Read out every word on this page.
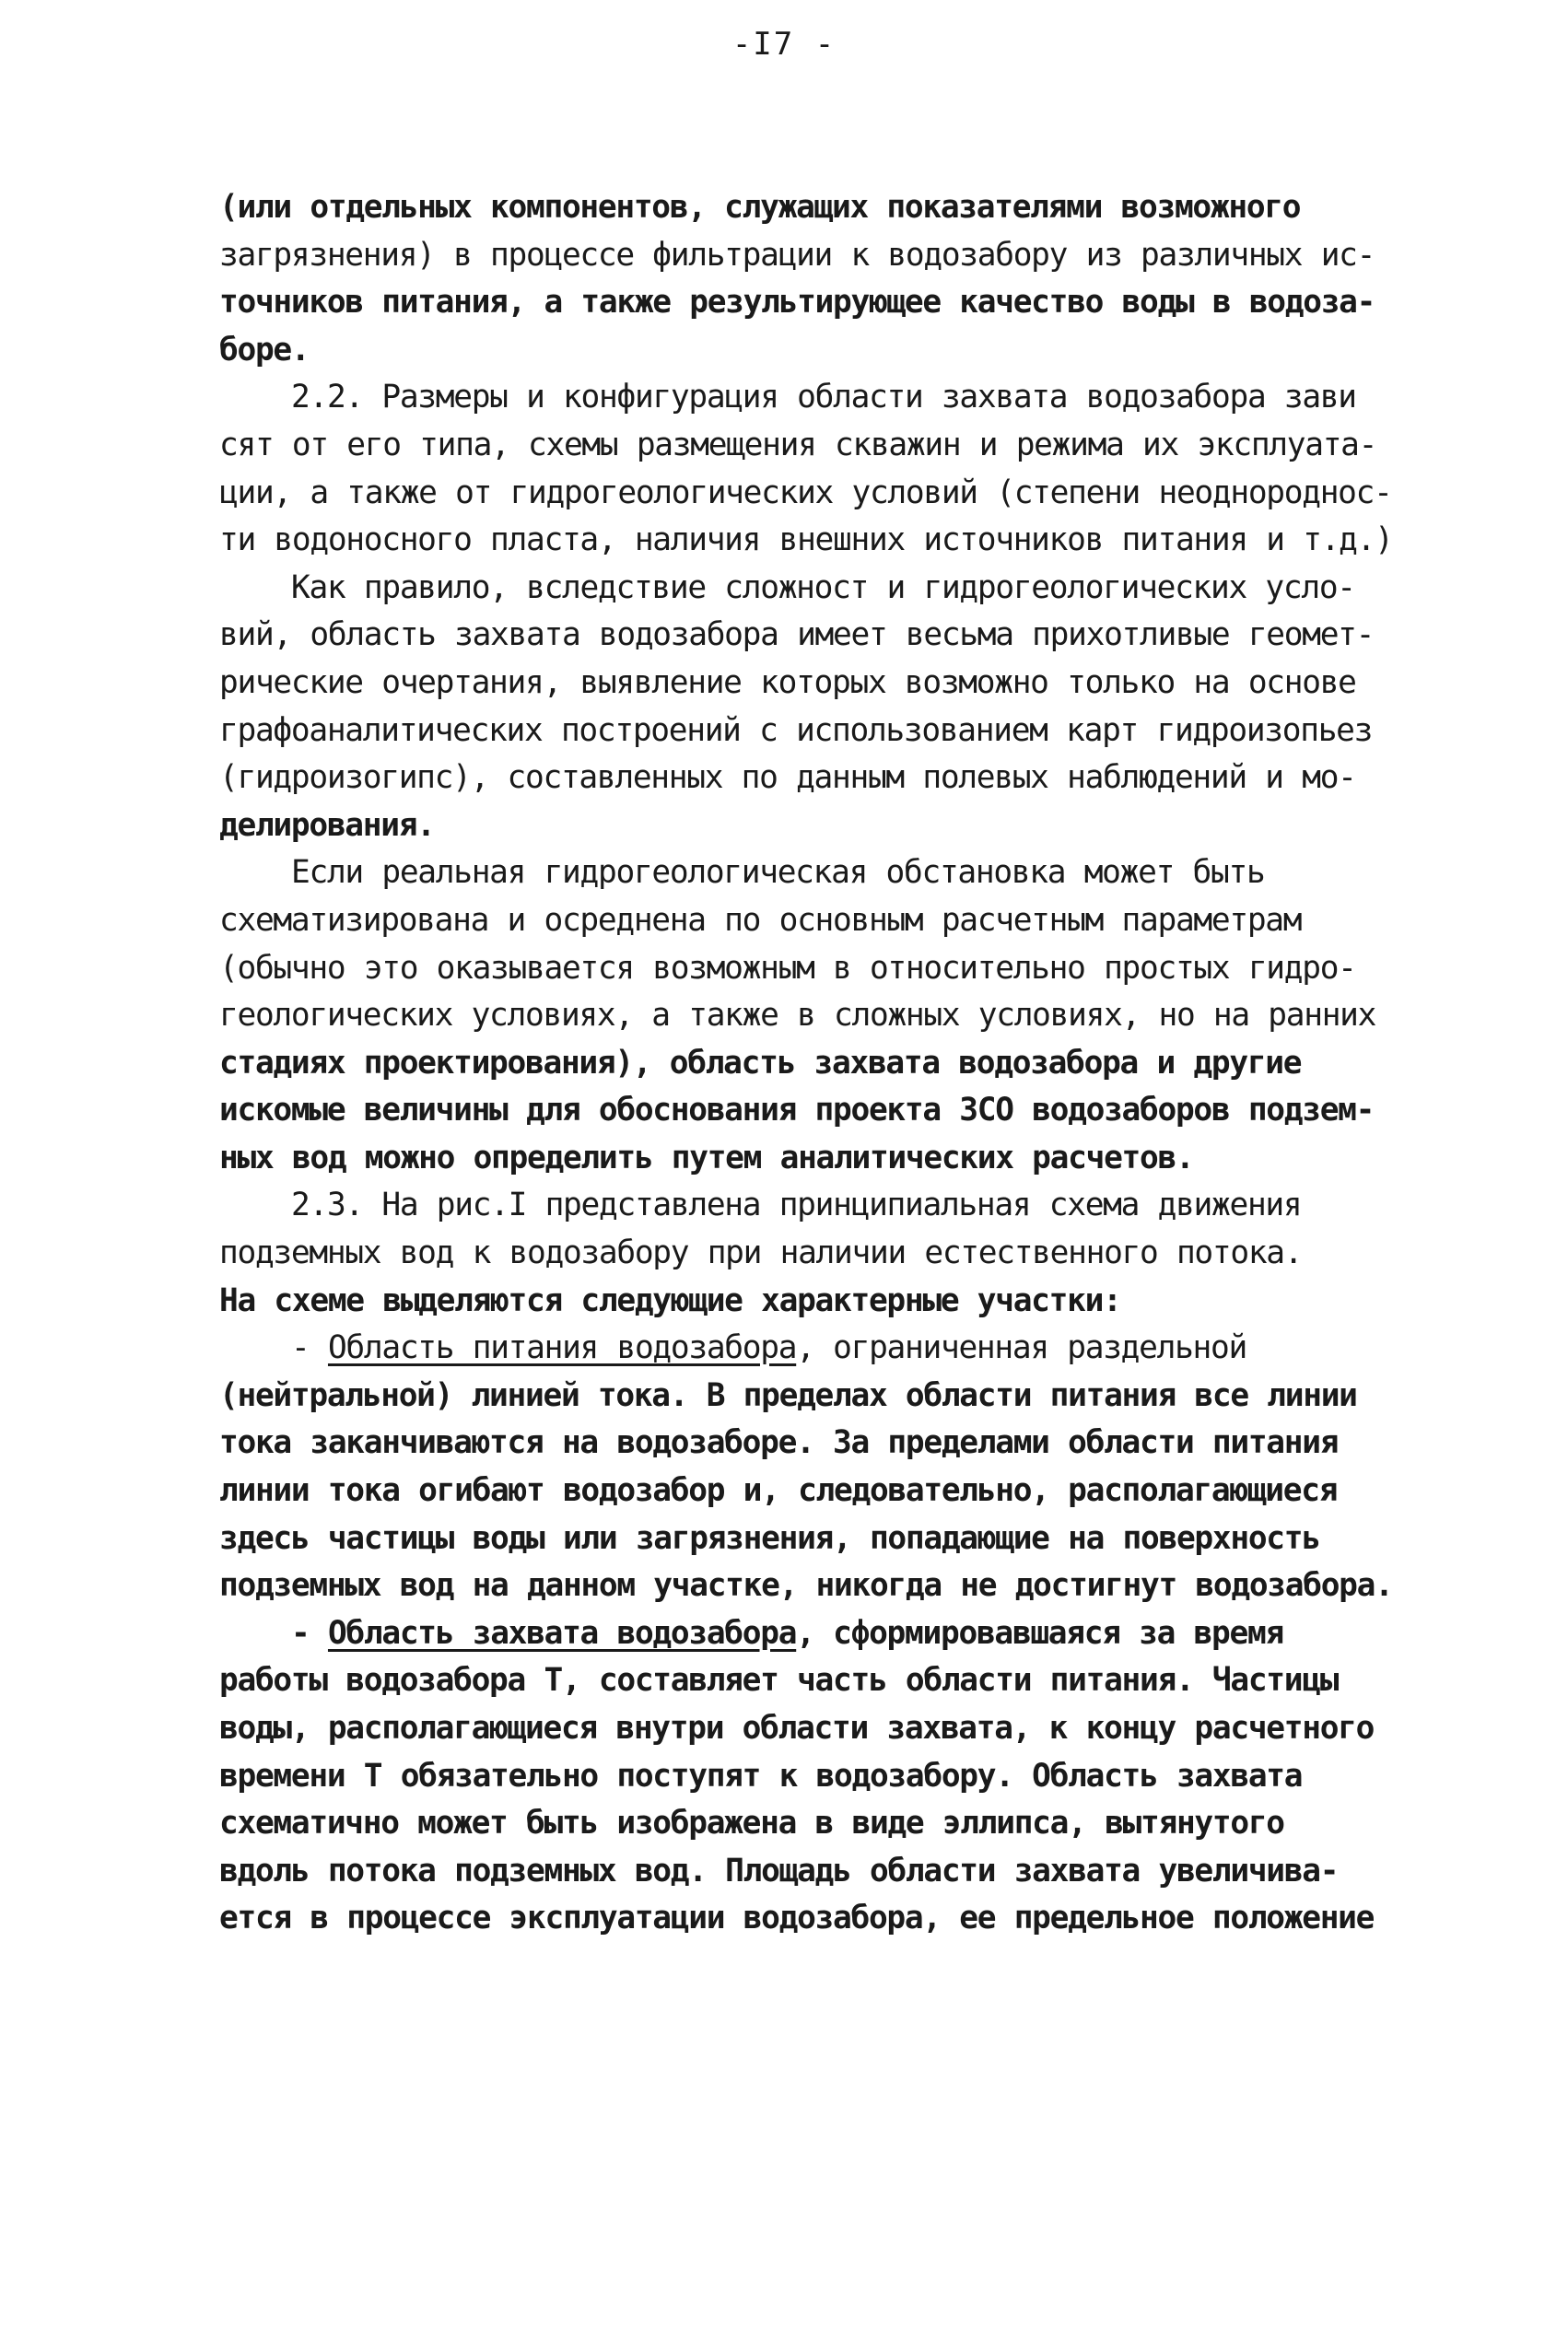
-I7 -
(или отдельных компонентов, служащих показателями возможного
загрязнения) в процессе фильтрации к водозабору из различных ис-
точников питания, а также результирующее качество воды в водоза-
боре.
2.2. Размеры и конфигурация области захвата водозабора зави
сят от его типа, схемы размещения скважин и режима их эксплуата-
ции, а также от гидрогеологических условий (степени неоднороднос-
ти водоносного пласта, наличия внешних источников питания и т.д.)
Как правило, вследствие сложност и гидрогеологических усло-
вий, область захвата водозабора имеет весьма прихотливые геомет-
рические очертания, выявление которых возможно только на основе
графоаналитических построений с использованием карт гидроизопьез
(гидроизогипс), составленных по данным полевых наблюдений и мо-
делирования.
Если реальная гидрогеологическая обстановка может быть
схематизирована и осреднена по основным расчетным параметрам
(обычно это оказывается возможным в относительно простых гидро-
геологических условиях, а также в сложных условиях, но на ранних
стадиях проектирования), область захвата водозабора и другие
искомые величины для обоснования проекта ЗСО водозаборов подзем-
ных вод можно определить путем аналитических расчетов.
2.3. На рис.I представлена принципиальная схема движения
подземных вод к водозабору при наличии естественного потока.
На схеме выделяются следующие характерные участки:
- Область питания водозабора, ограниченная раздельной
(нейтральной) линией тока. В пределах области питания все линии
тока заканчиваются на водозаборе. За пределами области питания
линии тока огибают водозабор и, следовательно, располагающиеся
здесь частицы воды или загрязнения, попадающие на поверхность
подземных вод на данном участке, никогда не достигнут водозабора.
- Область захвата водозабора, сформировавшаяся за время
работы водозабора Т, составляет часть области питания. Частицы
воды, располагающиеся внутри области захвата, к концу расчетного
времени Т обязательно поступят к водозабору. Область захвата
схематично может быть изображена в виде эллипса, вытянутого
вдоль потока подземных вод. Площадь области захвата увеличива-
ется в процессе эксплуатации водозабора, ее предельное положение
